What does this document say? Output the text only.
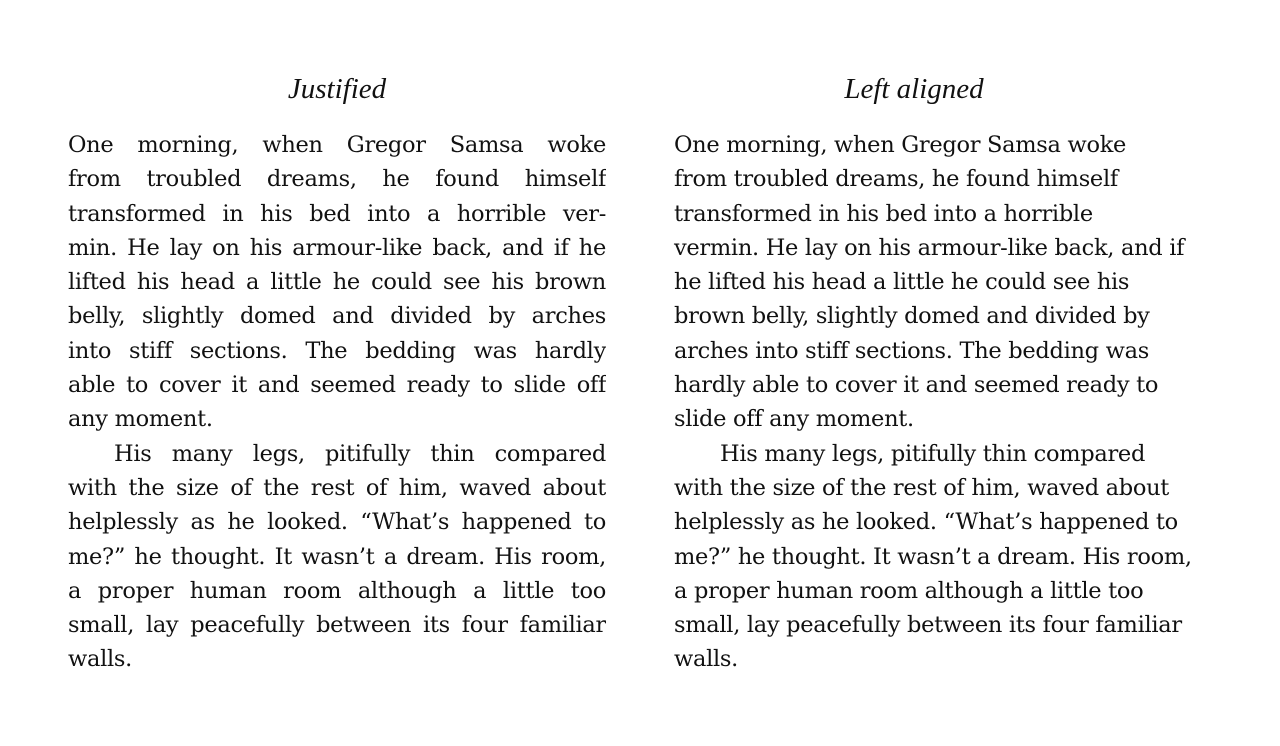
Justified
One morning, when Gregor Samsa woke
from troubled dreams, he found himself
transformed in his bed into a horrible ver-
min. He lay on his armour-like back, and if he
lifted his head a little he could see his brown
belly, slightly domed and divided by arches
into stiff sections. The bedding was hardly
able to cover it and seemed ready to slide off
any moment.
His many legs, pitifully thin compared
with the size of the rest of him, waved about
helplessly as he looked. “What’s happened to
me?” he thought. It wasn’t a dream. His room,
a proper human room although a little too
small, lay peacefully between its four familiar
walls.
Left aligned
One morning, when Gregor Samsa woke
from troubled dreams, he found himself
transformed in his bed into a horrible
vermin. He lay on his armour-like back, and if
he lifted his head a little he could see his
brown belly, slightly domed and divided by
arches into stiff sections. The bedding was
hardly able to cover it and seemed ready to
slide off any moment.
His many legs, pitifully thin compared
with the size of the rest of him, waved about
helplessly as he looked. “What’s happened to
me?” he thought. It wasn’t a dream. His room,
a proper human room although a little too
small, lay peacefully between its four familiar
walls.
